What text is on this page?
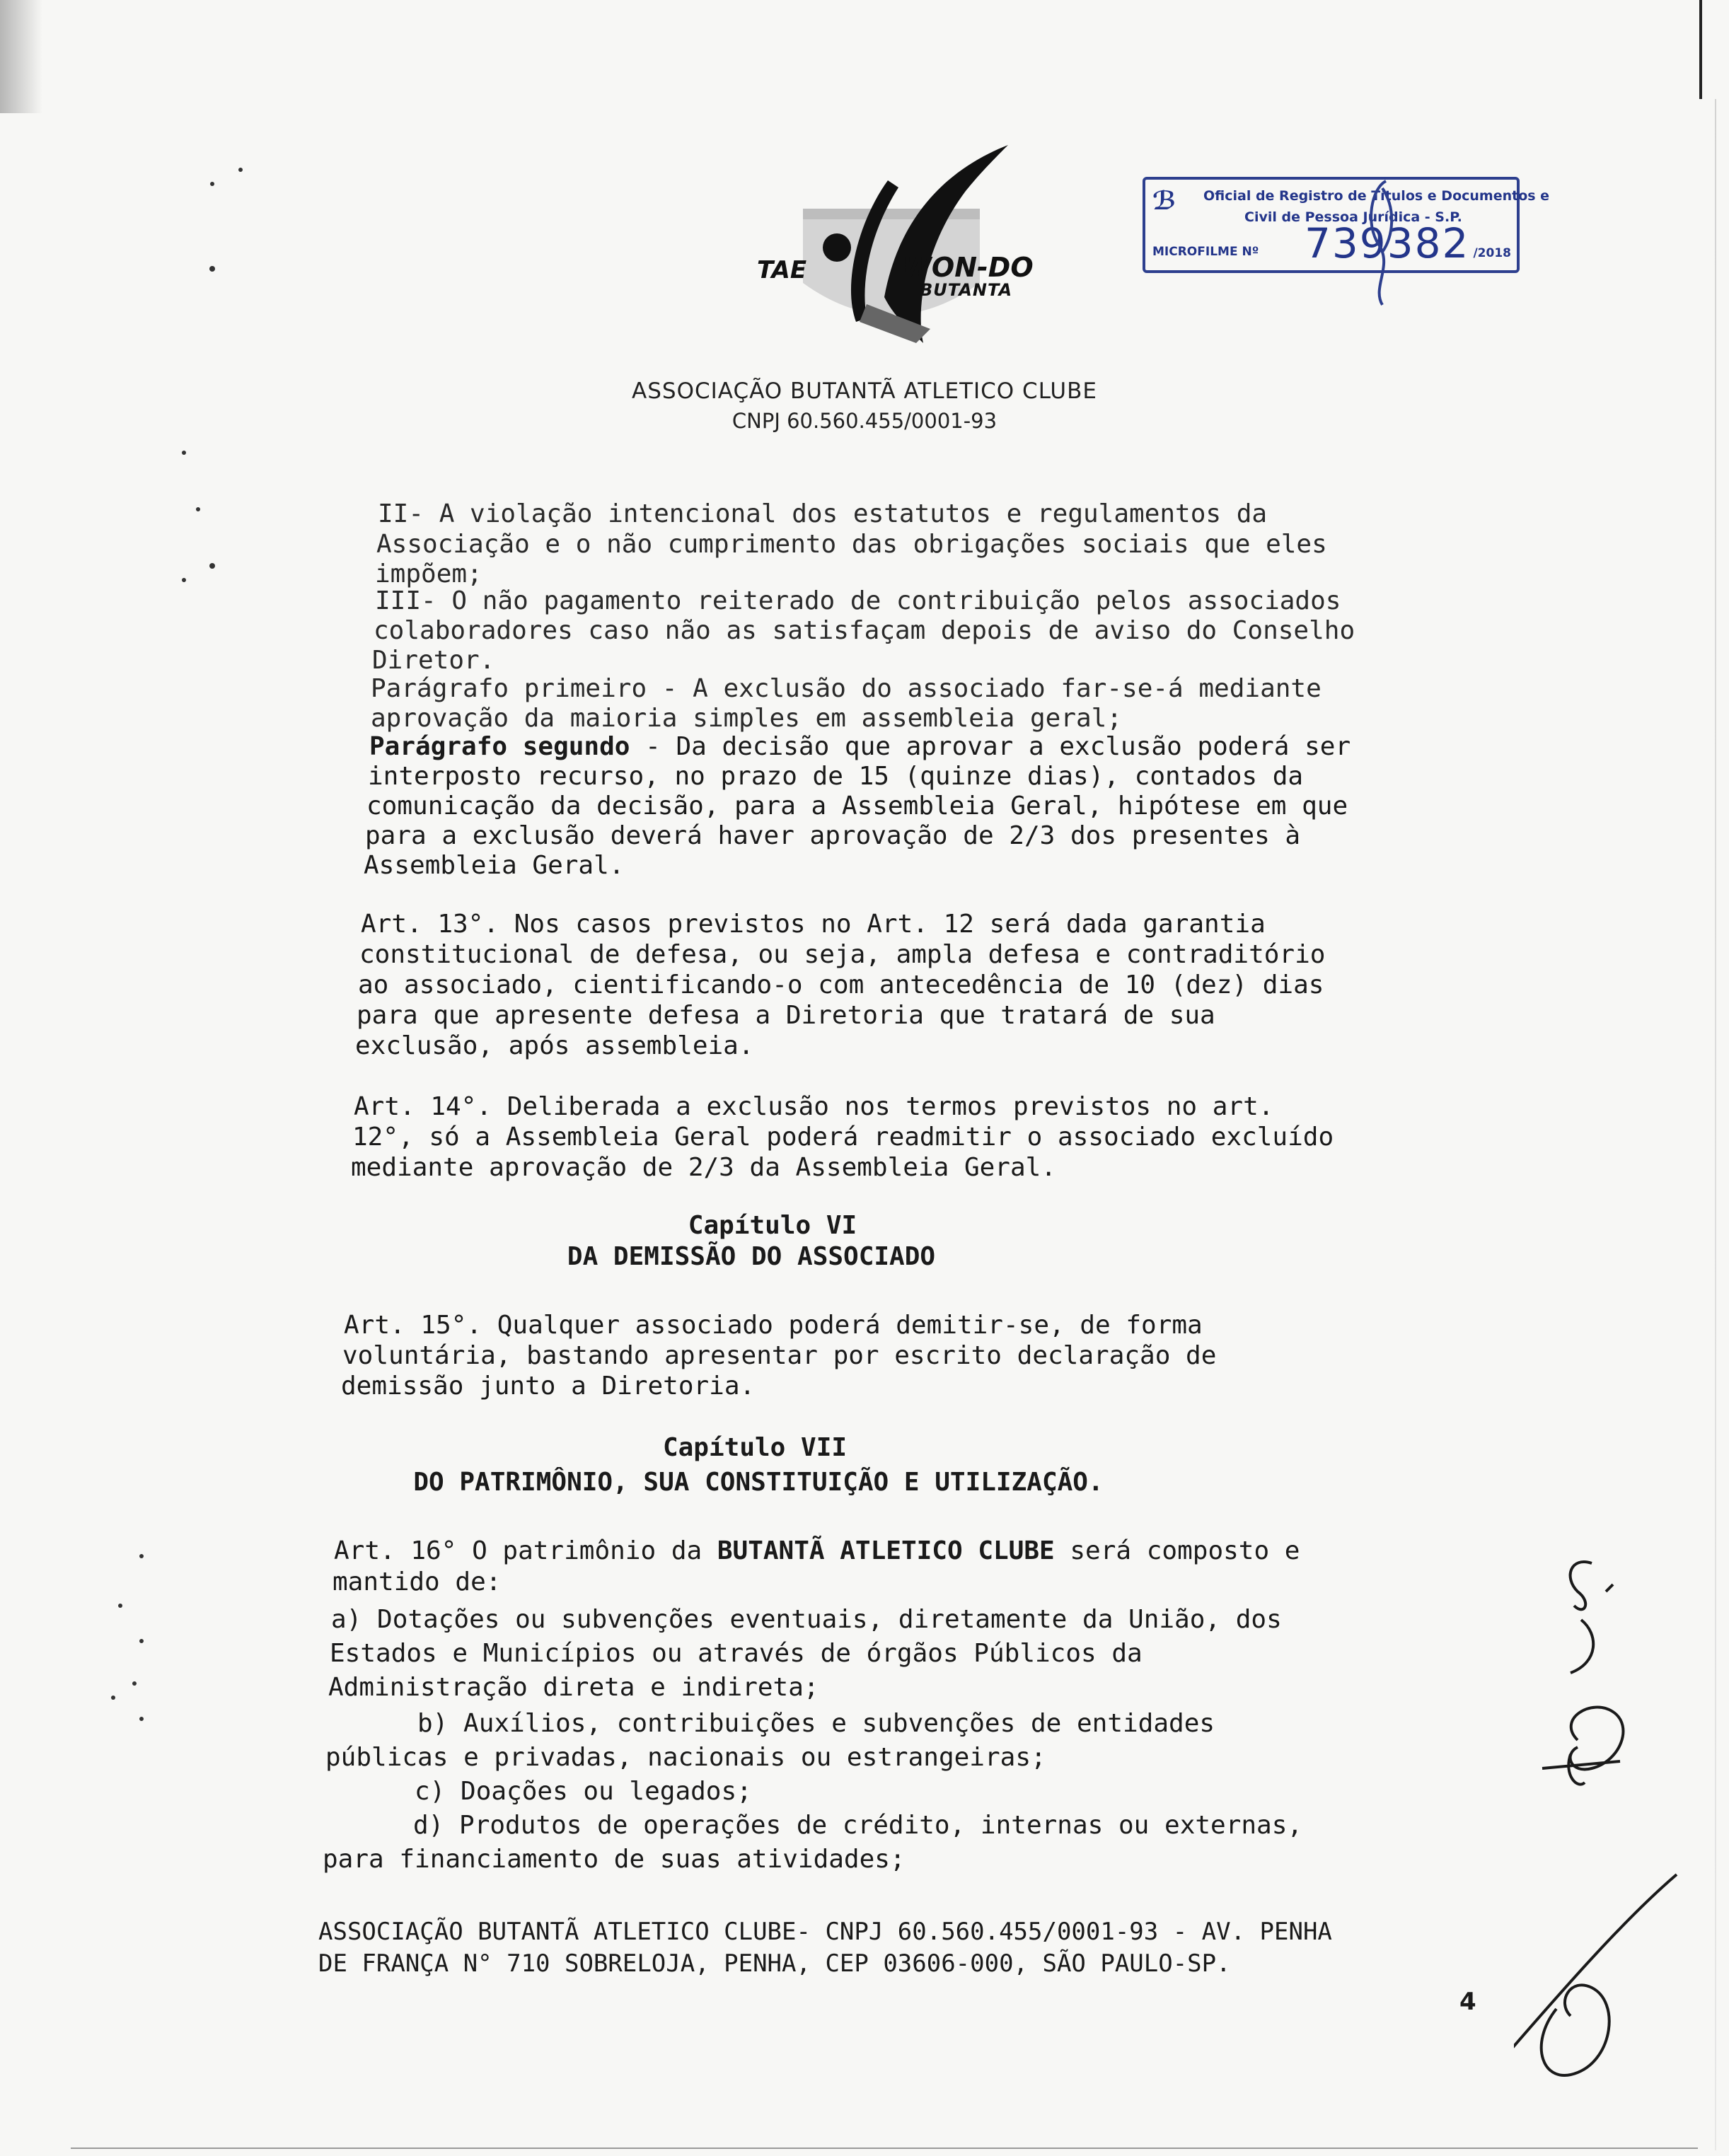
TAE	WON-DO
BUTANTA
ℬ Oficial de Registro de Títulos e Documentos e
Civil de Pessoa Jurídica - S.P.
MICROFILME Nº 739382 /2018
ASSOCIAÇÃO BUTANTÃ ATLETICO CLUBE
CNPJ 60.560.455/0001-93
II- A violação intencional dos estatutos e regulamentos da
Associação e o não cumprimento das obrigações sociais que eles
impõem;
III- O não pagamento reiterado de contribuição pelos associados
colaboradores caso não as satisfaçam depois de aviso do Conselho
Diretor.
Parágrafo primeiro - A exclusão do associado far-se-á mediante
aprovação da maioria simples em assembleia geral;
Parágrafo segundo - Da decisão que aprovar a exclusão poderá ser
interposto recurso, no prazo de 15 (quinze dias), contados da
comunicação da decisão, para a Assembleia Geral, hipótese em que
para a exclusão deverá haver aprovação de 2/3 dos presentes à
Assembleia Geral.
Art. 13°. Nos casos previstos no Art. 12 será dada garantia
constitucional de defesa, ou seja, ampla defesa e contraditório
ao associado, cientificando-o com antecedência de 10 (dez) dias
para que apresente defesa a Diretoria que tratará de sua
exclusão, após assembleia.
Art. 14°. Deliberada a exclusão nos termos previstos no art.
12°, só a Assembleia Geral poderá readmitir o associado excluído
mediante aprovação de 2/3 da Assembleia Geral.
Capítulo VI
DA DEMISSÃO DO ASSOCIADO
Art. 15°. Qualquer associado poderá demitir-se, de forma
voluntária, bastando apresentar por escrito declaração de
demissão junto a Diretoria.
Capítulo VII
DO PATRIMÔNIO, SUA CONSTITUIÇÃO E UTILIZAÇÃO.
Art. 16° O patrimônio da BUTANTÃ ATLETICO CLUBE será composto e
mantido de:
a) Dotações ou subvenções eventuais, diretamente da União, dos
Estados e Municípios ou através de órgãos Públicos da
Administração direta e indireta;
b) Auxílios, contribuições e subvenções de entidades
públicas e privadas, nacionais ou estrangeiras;
c) Doações ou legados;
d) Produtos de operações de crédito, internas ou externas,
para financiamento de suas atividades;
ASSOCIAÇÃO BUTANTÃ ATLETICO CLUBE- CNPJ 60.560.455/0001-93 - AV. PENHA
DE FRANÇA N° 710 SOBRELOJA, PENHA, CEP 03606-000, SÃO PAULO-SP.
4
